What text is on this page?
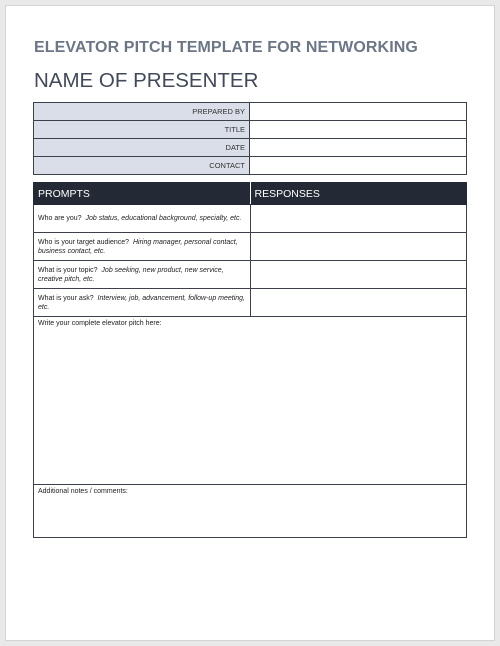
ELEVATOR PITCH TEMPLATE FOR NETWORKING
NAME OF PRESENTER
PREPARED BY	
TITLE	
DATE	
CONTACT	
PROMPTS	RESPONSES
Who are you? Job status, educational background, specialty, etc.	
Who is your target audience? Hiring manager, personal contact, business contact, etc.	
What is your topic? Job seeking, new product, new service, creative pitch, etc.	
What is your ask? Interview, job, advancement, follow-up meeting, etc.	
Write your complete elevator pitch here:	
Additional notes / comments:	
